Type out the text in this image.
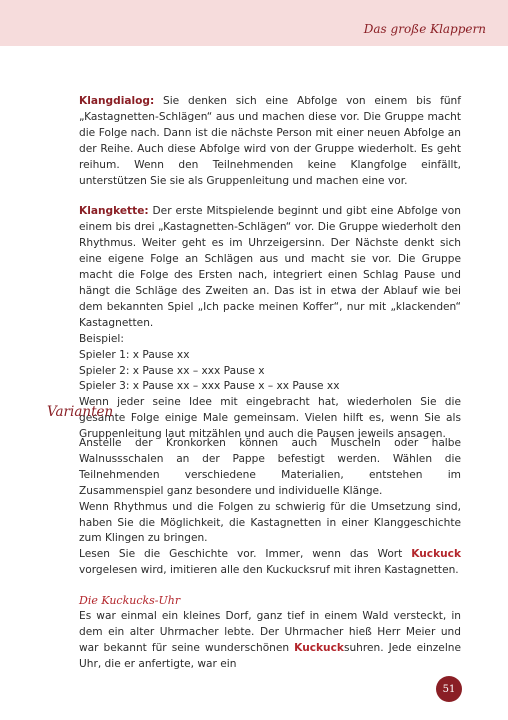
Das große Klappern

Klangdialog: Sie denken sich eine Abfolge von einem bis fünf „Kastagnetten-Schlägen“ aus und machen diese vor. Die Gruppe macht die Folge nach. Dann ist die nächste Person mit einer neuen Abfolge an der Reihe. Auch diese Abfolge wird von der Gruppe wiederholt. Es geht reihum. Wenn den Teilnehmenden keine Klangfolge einfällt, unterstützen Sie sie als Gruppenleitung und machen eine vor.

Klangkette: Der erste Mitspielende beginnt und gibt eine Abfolge von einem bis drei „Kastagnetten-Schlägen“ vor. Die Gruppe wiederholt den Rhythmus. Weiter geht es im Uhrzeigersinn. Der Nächste denkt sich eine eigene Folge an Schlägen aus und macht sie vor. Die Gruppe macht die Folge des Ersten nach, integriert einen Schlag Pause und hängt die Schläge des Zweiten an. Das ist in etwa der Ablauf wie bei dem bekannten Spiel „Ich packe meinen Koffer“, nur mit „klackenden“ Kastagnetten.

Beispiel:

Spieler 1: x Pause xx

Spieler 2: x Pause xx – xxx Pause x

Spieler 3: x Pause xx – xxx Pause x – xx Pause xx

Wenn jeder seine Idee mit eingebracht hat, wiederholen Sie die gesamte Folge einige Male gemeinsam. Vielen hilft es, wenn Sie als Gruppenleitung laut mitzählen und auch die Pausen jeweils ansagen.

Varianten

Anstelle der Kronkorken können auch Muscheln oder halbe Walnussschalen an der Pappe befestigt werden. Wählen die Teilnehmenden verschiedene Materialien, entstehen im Zusammenspiel ganz besondere und individuelle Klänge.

Wenn Rhythmus und die Folgen zu schwierig für die Umsetzung sind, haben Sie die Möglichkeit, die Kastagnetten in einer Klanggeschichte zum Klingen zu bringen.

Lesen Sie die Geschichte vor. Immer, wenn das Wort Kuckuck vorgelesen wird, imitieren alle den Kuckucksruf mit ihren Kastagnetten.

Die Kuckucks-Uhr

Es war einmal ein kleines Dorf, ganz tief in einem Wald versteckt, in dem ein alter Uhrmacher lebte. Der Uhrmacher hieß Herr Meier und war bekannt für seine wunderschönen Kuckucksuhren. Jede einzelne Uhr, die er anfertigte, war ein

51
